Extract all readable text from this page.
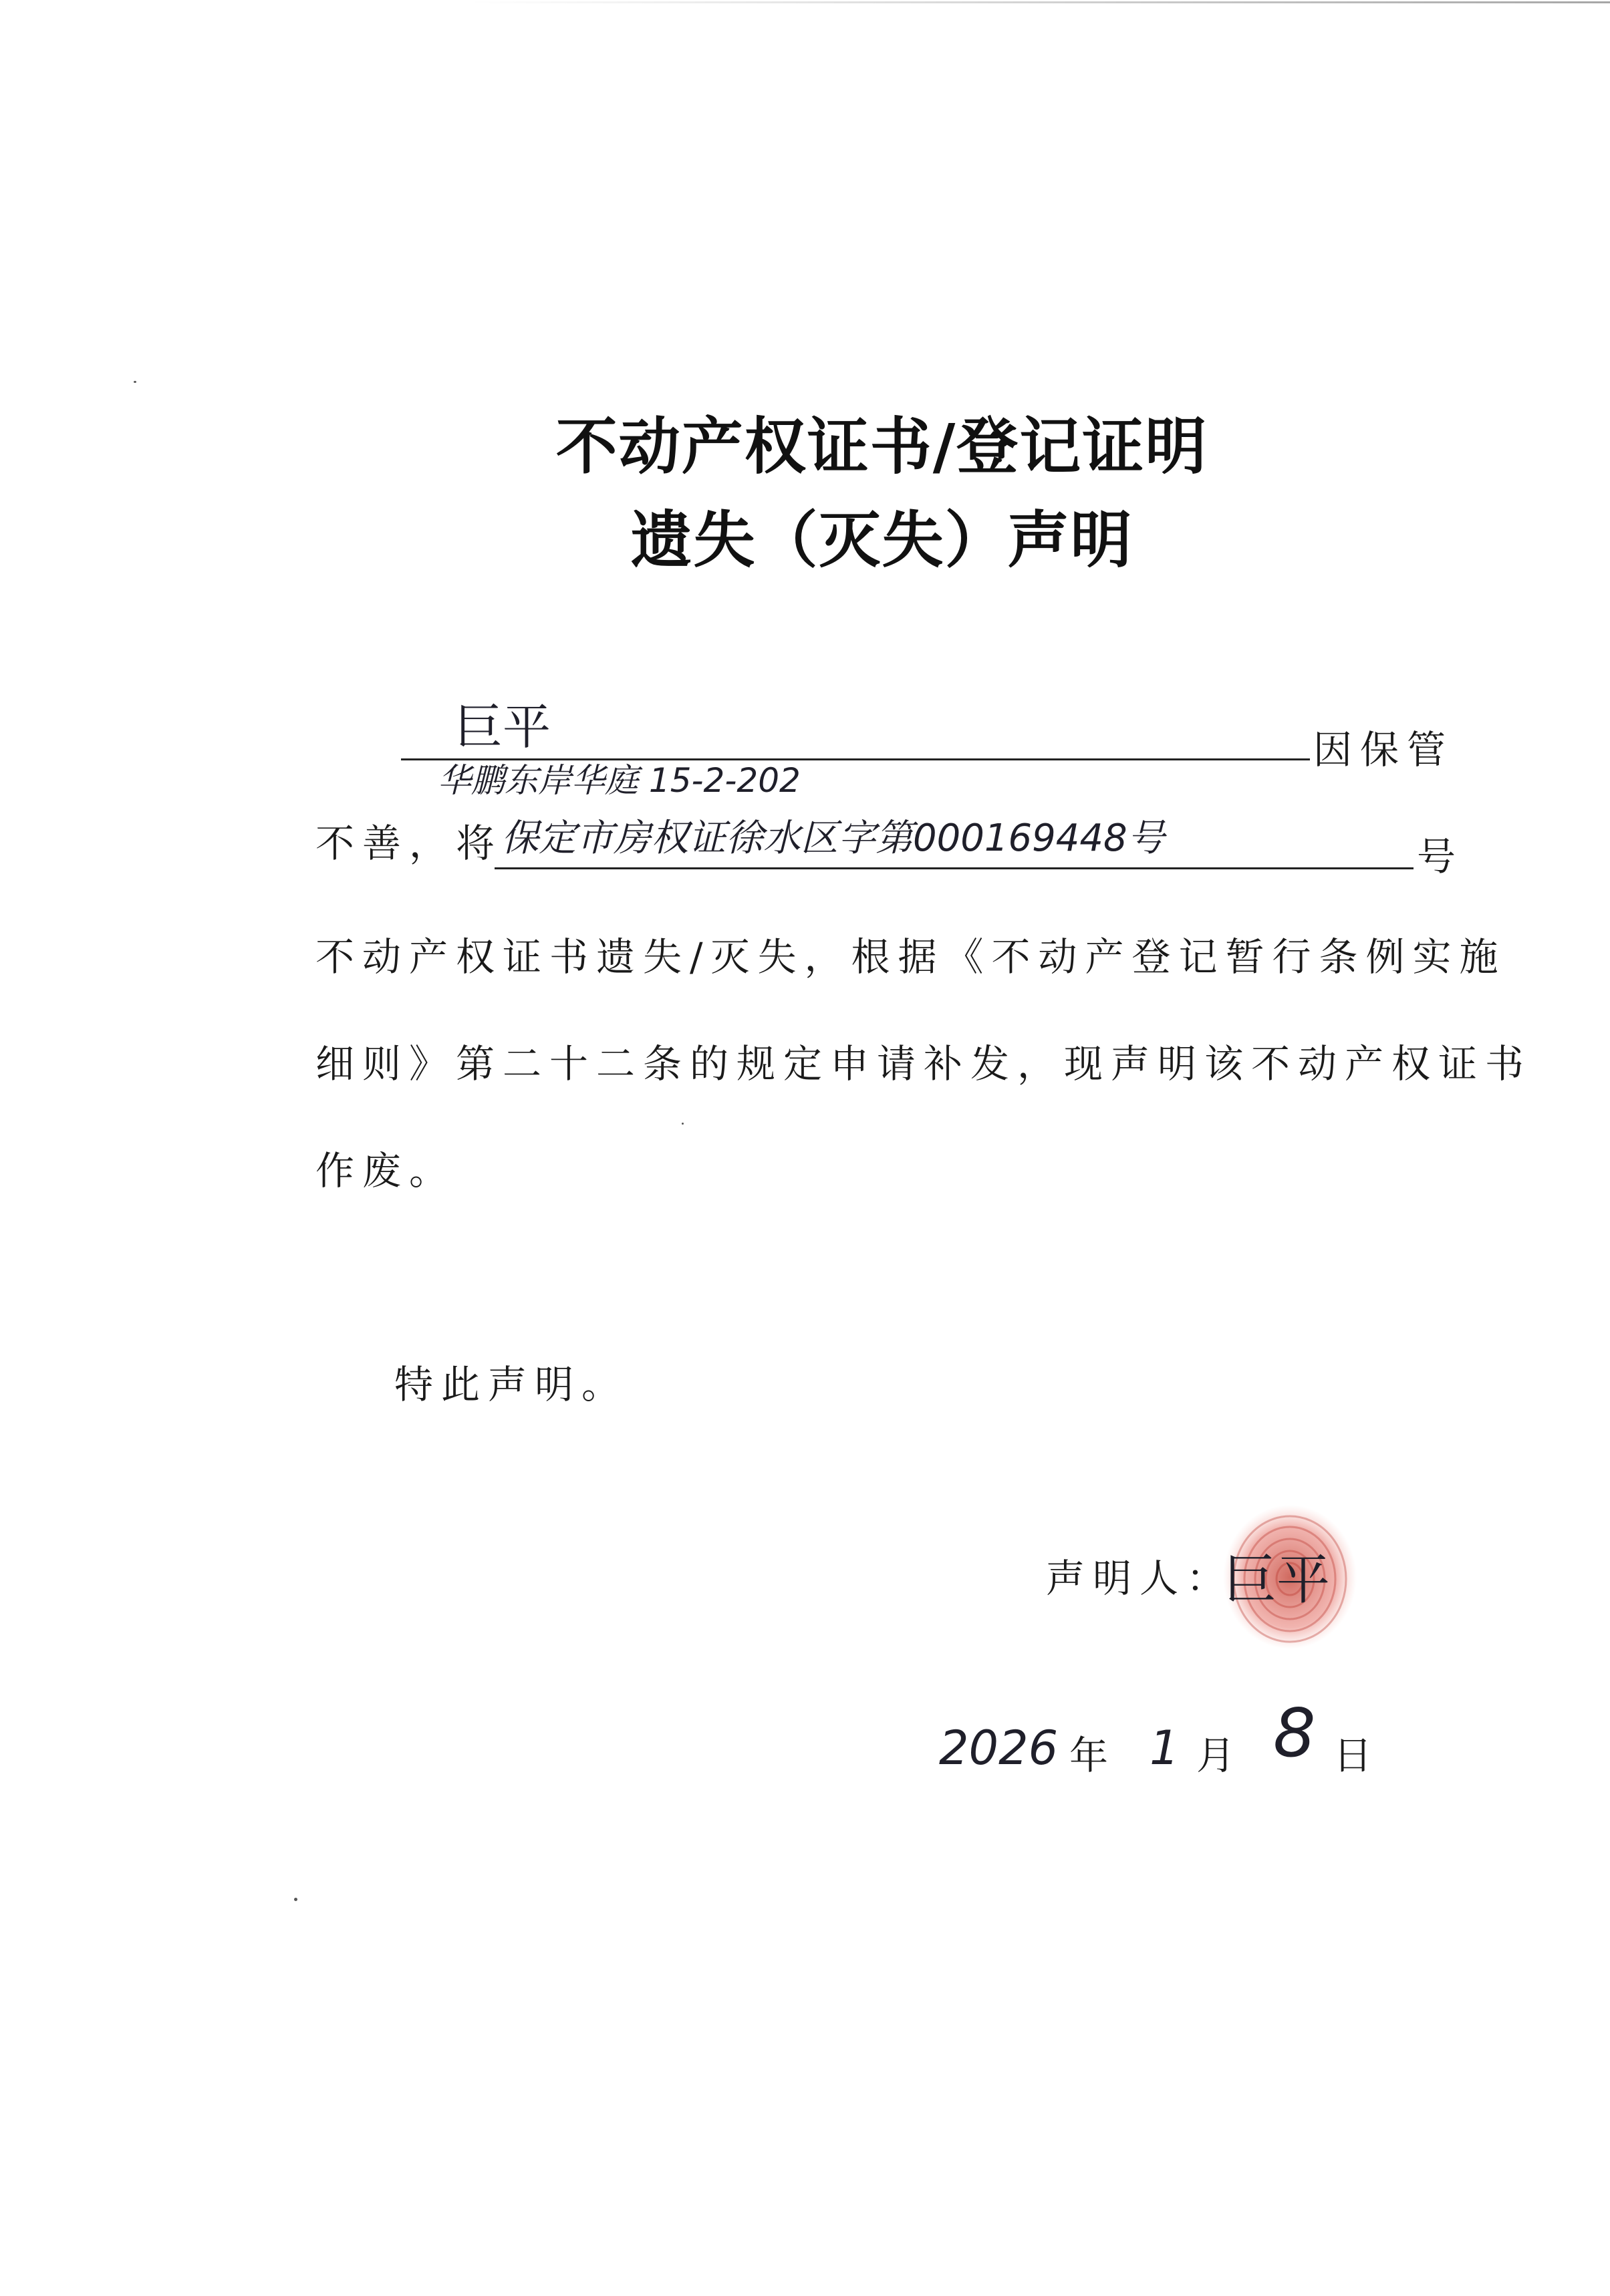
不动产权证书/登记证明
遗失（灭失）声明
巨平	因保管
华鹏东岸华庭 15-2-202
不善，将
保定市房权证徐水区字第000169448号	号
不动产权证书遗失/灭失，根据《不动产登记暂行条例实施
细则》第二十二条的规定申请补发，现声明该不动产权证书
作废。
特此声明。
声明人：
巨平
2026 年 1 月 8 日
